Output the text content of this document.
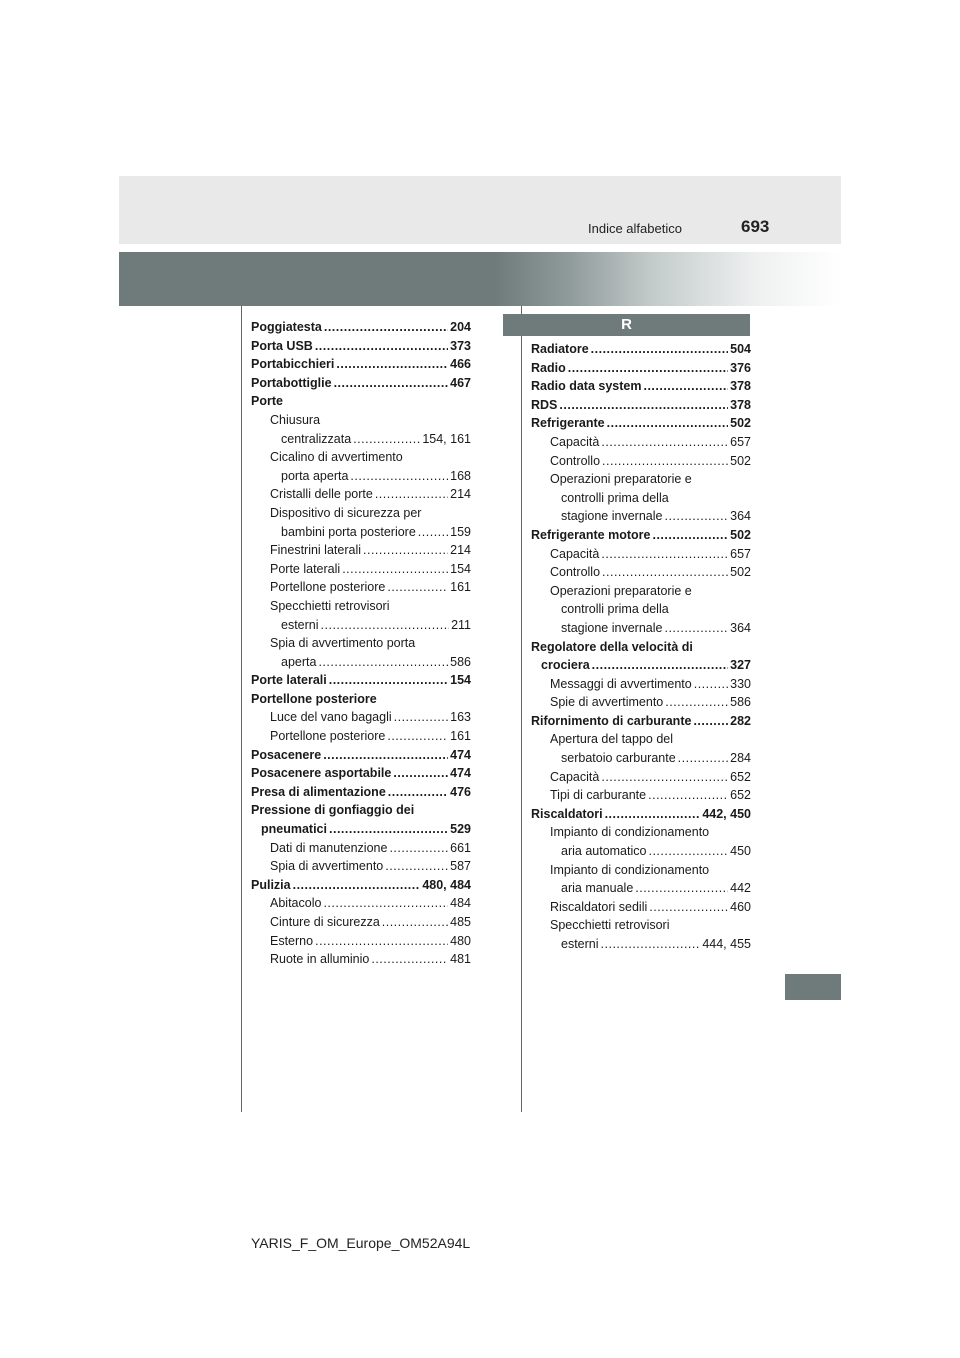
Indice alfabetico	693
R
Poggiatesta .....	204
Porta USB .....	373
Portabicchieri .....	466
Portabottiglie .....	467
Porte
Chiusura
centralizzata .....	154, 161
Cicalino di avvertimento
porta aperta .....	168
Cristalli delle porte .....	214
Dispositivo di sicurezza per
bambini porta posteriore .....	159
Finestrini laterali .....	214
Porte laterali .....	154
Portellone posteriore .....	161
Specchietti retrovisori
esterni .....	211
Spia di avvertimento porta
aperta .....	586
Porte laterali .....	154
Portellone posteriore
Luce del vano bagagli .....	163
Portellone posteriore .....	161
Posacenere .....	474
Posacenere asportabile .....	474
Presa di alimentazione .....	476
Pressione di gonfiaggio dei
pneumatici .....	529
Dati di manutenzione .....	661
Spia di avvertimento .....	587
Pulizia .....	480, 484
Abitacolo .....	484
Cinture di sicurezza .....	485
Esterno .....	480
Ruote in alluminio .....	481
Radiatore .....	504
Radio .....	376
Radio data system .....	378
RDS .....	378
Refrigerante .....	502
Capacità .....	657
Controllo .....	502
Operazioni preparatorie e
controlli prima della
stagione invernale .....	364
Refrigerante motore .....	502
Capacità .....	657
Controllo .....	502
Operazioni preparatorie e
controlli prima della
stagione invernale .....	364
Regolatore della velocità di
crociera .....	327
Messaggi di avvertimento .....	330
Spie di avvertimento .....	586
Rifornimento di carburante .....	282
Apertura del tappo del
serbatoio carburante .....	284
Capacità .....	652
Tipi di carburante .....	652
Riscaldatori .....	442, 450
Impianto di condizionamento
aria automatico .....	450
Impianto di condizionamento
aria manuale .....	442
Riscaldatori sedili .....	460
Specchietti retrovisori
esterni .....	444, 455
YARIS_F_OM_Europe_OM52A94L
